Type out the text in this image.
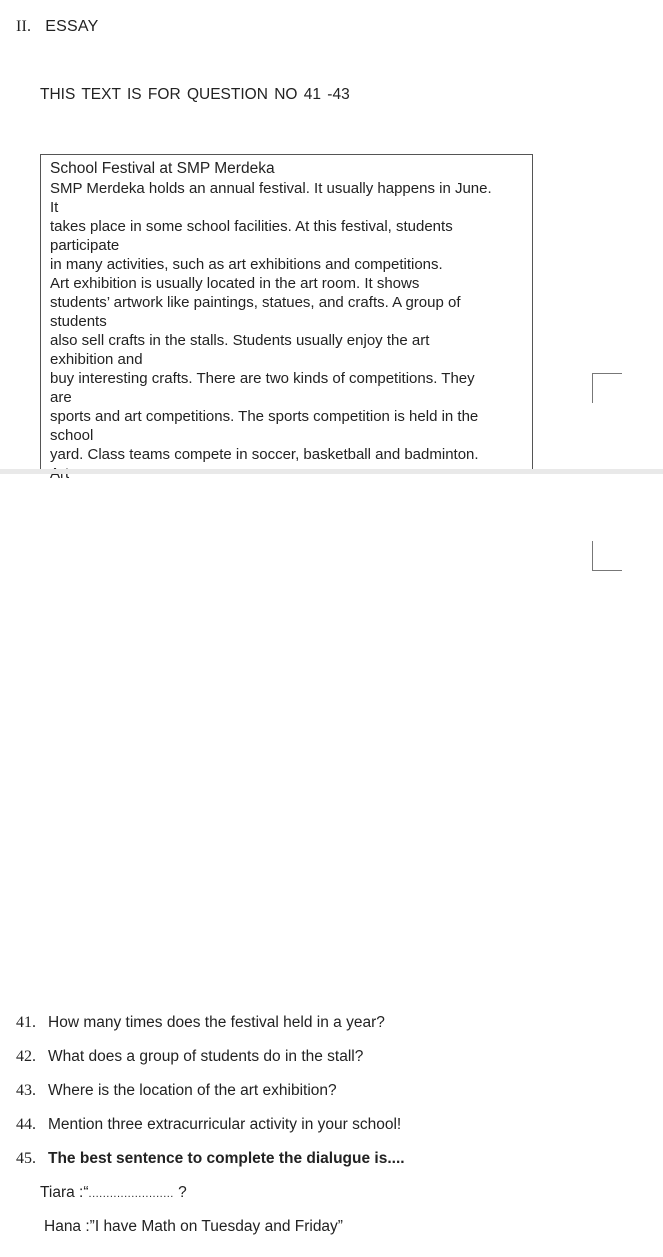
II. ESSAY
THIS TEXT IS FOR QUESTION NO 41 -43
School Festival at SMP Merdeka
SMP Merdeka holds an annual festival. It usually happens in June.
It
takes place in some school facilities. At this festival, students
participate
in many activities, such as art exhibitions and competitions.
Art exhibition is usually located in the art room. It shows
students’ artwork like paintings, statues, and crafts. A group of
students
also sell crafts in the stalls. Students usually enjoy the art
exhibition and
buy interesting crafts. There are two kinds of competitions. They
are
sports and art competitions. The sports competition is held in the
school
yard. Class teams compete in soccer, basketball and badminton.
41. How many times does the festival held in a year?
42. What does a group of students do in the stall?
43. Where is the location of the art exhibition?
44. Mention three extracurricular activity in your school!
45. The best sentence to complete the dialugue is....
Tiara :“........................ ?
Hana :”I have Math on Tuesday and Friday”
